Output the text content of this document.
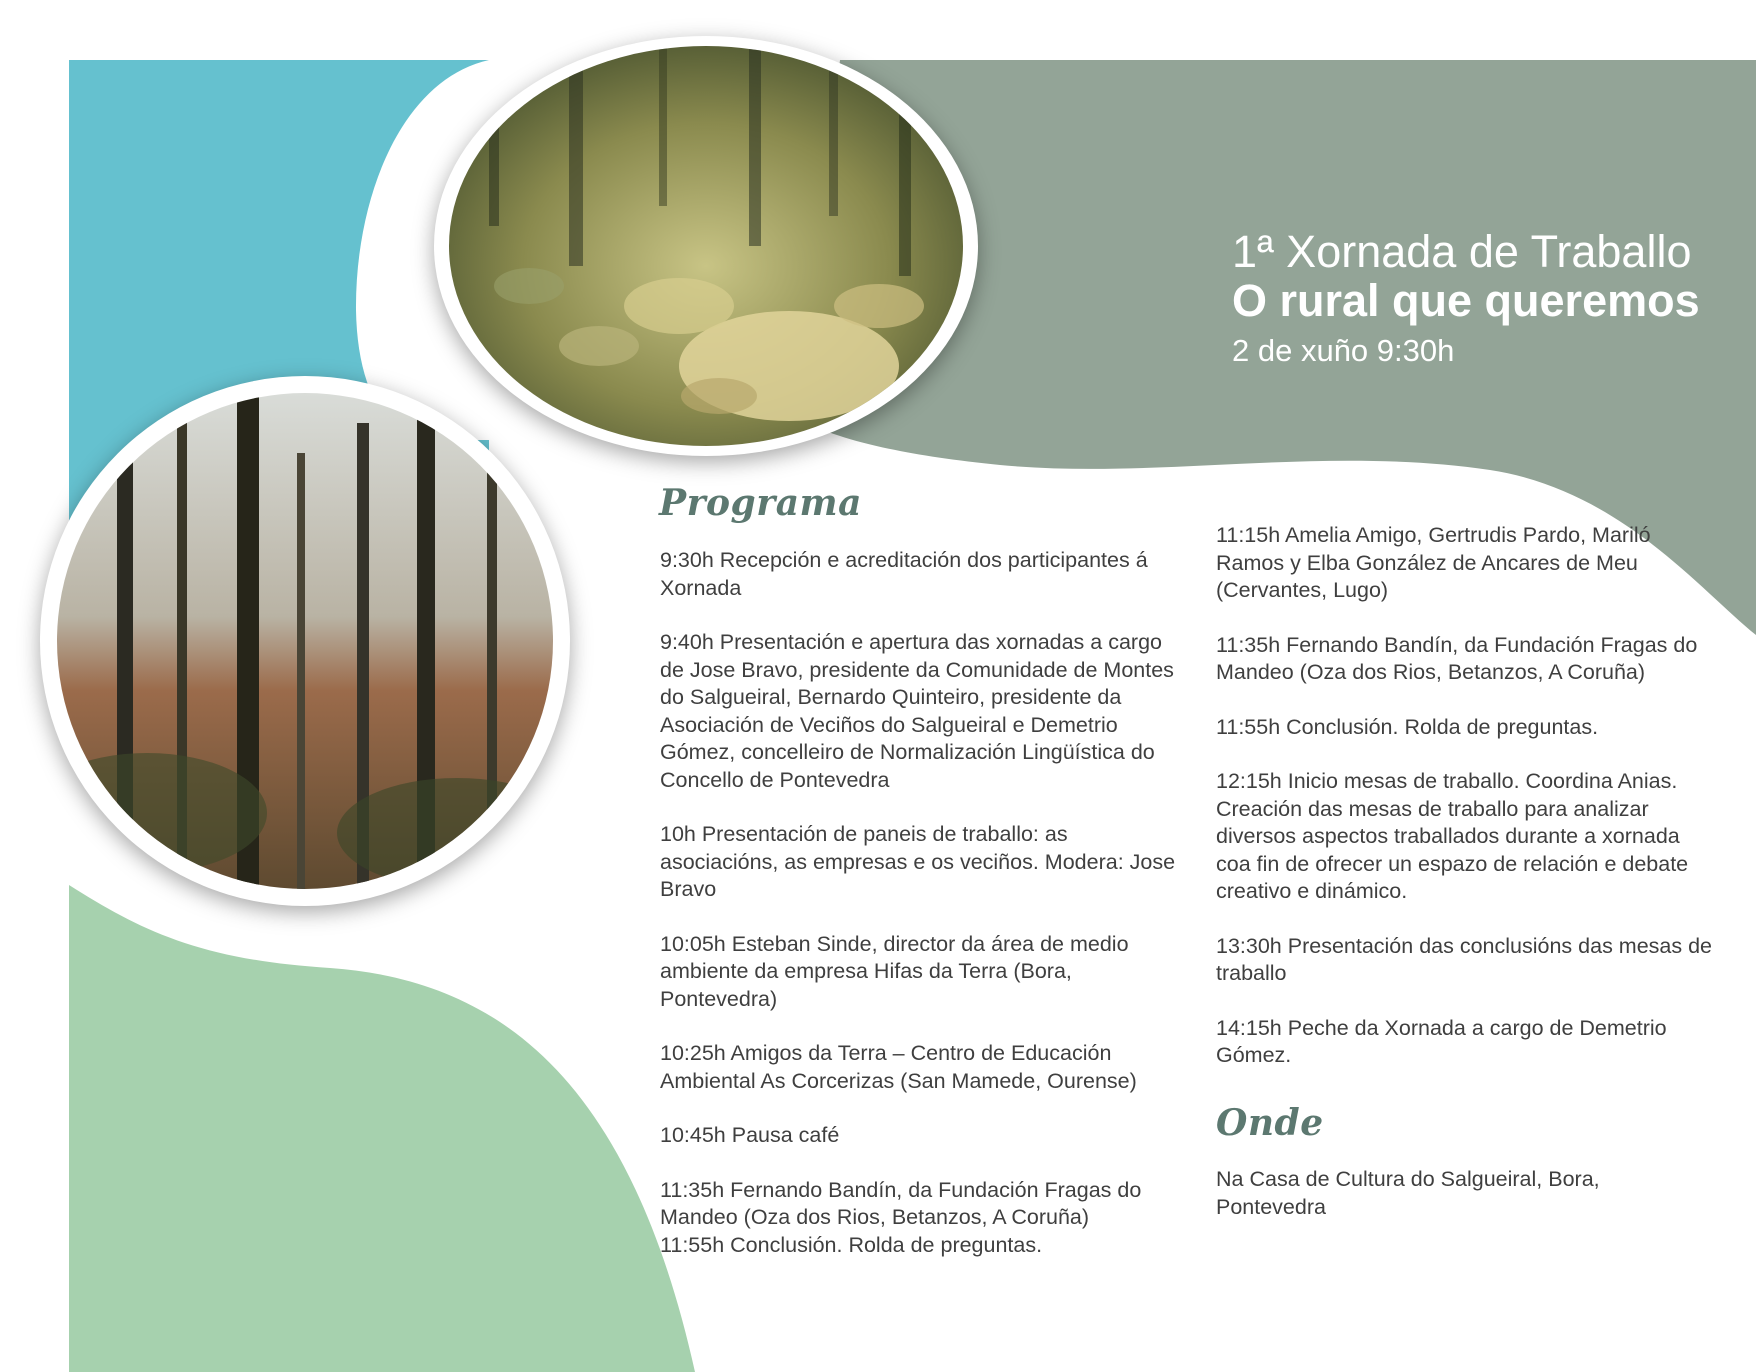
1ª Xornada de Traballo
O rural que queremos
2 de xuño 9:30h
Programa

9:30h Recepción e acreditación dos participantes á Xornada

9:40h Presentación e apertura das xornadas a cargo de Jose Bravo, presidente da Comunidade de Montes do Salgueiral, Bernardo Quinteiro, presidente da Asociación de Veciños do Salgueiral e Demetrio Gómez, concelleiro de Normalización Lingüística do Concello de Pontevedra

10h Presentación de paneis de traballo: as asociacións, as empresas e os veciños. Modera: Jose Bravo

10:05h Esteban Sinde, director da área de medio ambiente da empresa Hifas da Terra (Bora, Pontevedra)

10:25h Amigos da Terra – Centro de Educación Ambiental As Corcerizas (San Mamede, Ourense)

10:45h Pausa café

11:35h Fernando Bandín, da Fundación Fragas do Mandeo (Oza dos Rios, Betanzos, A Coruña)

11:55h Conclusión. Rolda de preguntas.

11:15h Amelia Amigo, Gertrudis Pardo, Mariló Ramos y Elba González de Ancares de Meu (Cervantes, Lugo)

11:35h Fernando Bandín, da Fundación Fragas do Mandeo (Oza dos Rios, Betanzos, A Coruña)

11:55h Conclusión. Rolda de preguntas.

12:15h Inicio mesas de traballo. Coordina Anias. Creación das mesas de traballo para analizar diversos aspectos traballados durante a xornada coa fin de ofrecer un espazo de relación e debate creativo e dinámico.

13:30h Presentación das conclusións das mesas de traballo

14:15h Peche da Xornada a cargo de Demetrio Gómez.

Onde

Na Casa de Cultura do Salgueiral, Bora, Pontevedra
